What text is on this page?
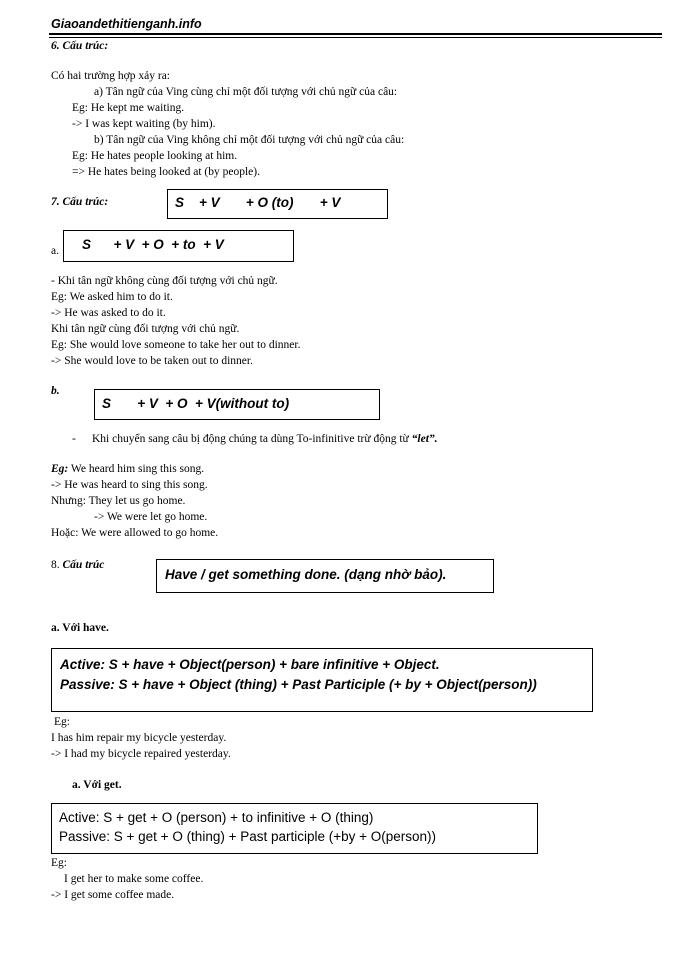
Giaoandethitienganh.info
6. Cấu trúc:
Có hai trường hợp xảy ra:
a) Tân ngữ của Ving cùng chỉ một đối tượng với chủ ngữ của câu:
Eg: He kept me waiting.
-> I was kept waiting (by him).
b) Tân ngữ của Ving không chỉ một đối tượng với chủ ngữ của câu:
Eg: He hates people looking at him.
=> He hates being looked at (by people).
7. Cấu trúc:	S    + V       + O (to)       + V
a. S      + V  + O  + to  + V
- Khi tân ngữ không cùng đối tượng với chủ ngữ.
Eg: We asked him to do it.
-> He was asked to do it.
Khi tân ngữ cùng đối tượng với chủ ngữ.
Eg: She would love someone to take her out to dinner.
-> She would love to be taken out to dinner.
b.
S       + V  + O  + V(without to)
- Khi chuyển sang câu bị động chúng ta dùng To-infinitive trừ động từ “let”.
Eg: We heard him sing this song.
-> He was heard to sing this song.
Nhưng: They let us go home.
-> We were let go home.
Hoặc: We were allowed to go home.
8. Cấu trúc
Have / get something done. (dạng nhờ bảo).
a. Với have.
Active: S + have + Object(person) + bare infinitive + Object.
Passive: S + have + Object (thing) + Past Participle (+ by + Object(person))
Eg:
I has him repair my bicycle yesterday.
-> I had my bicycle repaired yesterday.
a. Với get.
Active: S + get + O (person) + to infinitive + O (thing)
Passive: S + get + O (thing) + Past participle (+by + O(person))
Eg:
I get her to make some coffee.
-> I get some coffee made.
